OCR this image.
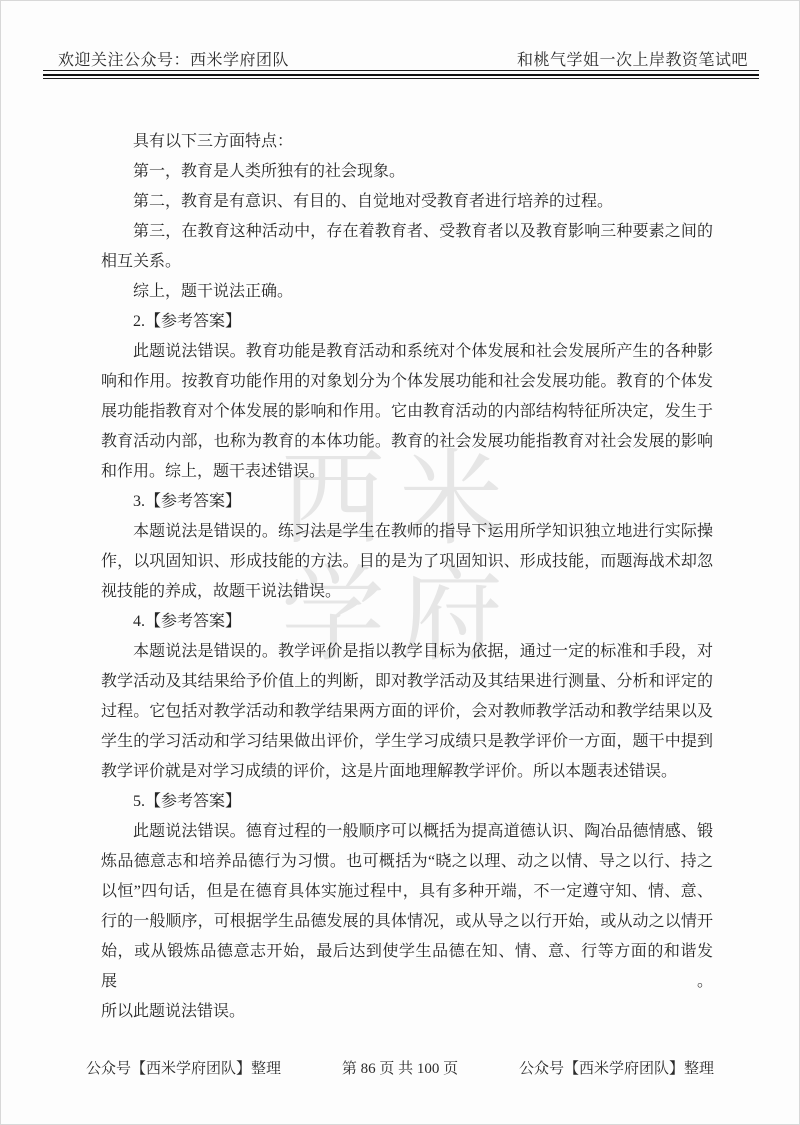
欢迎关注公众号：西米学府团队	和桃气学姐一次上岸教资笔试吧
西米学府
具有以下三方面特点：
第一，教育是人类所独有的社会现象。
第二，教育是有意识、有目的、自觉地对受教育者进行培养的过程。
第三，在教育这种活动中，存在着教育者、受教育者以及教育影响三种要素之间的
相互关系。
综上，题干说法正确。
2.【参考答案】
此题说法错误。教育功能是教育活动和系统对个体发展和社会发展所产生的各种影
响和作用。按教育功能作用的对象划分为个体发展功能和社会发展功能。教育的个体发
展功能指教育对个体发展的影响和作用。它由教育活动的内部结构特征所决定，发生于
教育活动内部，也称为教育的本体功能。教育的社会发展功能指教育对社会发展的影响
和作用。综上，题干表述错误。
3.【参考答案】
本题说法是错误的。练习法是学生在教师的指导下运用所学知识独立地进行实际操
作，以巩固知识、形成技能的方法。目的是为了巩固知识、形成技能，而题海战术却忽
视技能的养成，故题干说法错误。
4.【参考答案】
本题说法是错误的。教学评价是指以教学目标为依据，通过一定的标准和手段，对
教学活动及其结果给予价值上的判断，即对教学活动及其结果进行测量、分析和评定的
过程。它包括对教学活动和教学结果两方面的评价，会对教师教学活动和教学结果以及
学生的学习活动和学习结果做出评价，学生学习成绩只是教学评价一方面，题干中提到
教学评价就是对学习成绩的评价，这是片面地理解教学评价。所以本题表述错误。
5.【参考答案】
此题说法错误。德育过程的一般顺序可以概括为提高道德认识、陶冶品德情感、锻
炼品德意志和培养品德行为习惯。也可概括为“晓之以理、动之以情、导之以行、持之
以恒”四句话，但是在德育具体实施过程中，具有多种开端，不一定遵守知、情、意、
行的一般顺序，可根据学生品德发展的具体情况，或从导之以行开始，或从动之以情开
始，或从锻炼品德意志开始，最后达到使学生品德在知、情、意、行等方面的和谐发展。
所以此题说法错误。
公众号【西米学府团队】整理	第 86 页 共 100 页	公众号【西米学府团队】整理
